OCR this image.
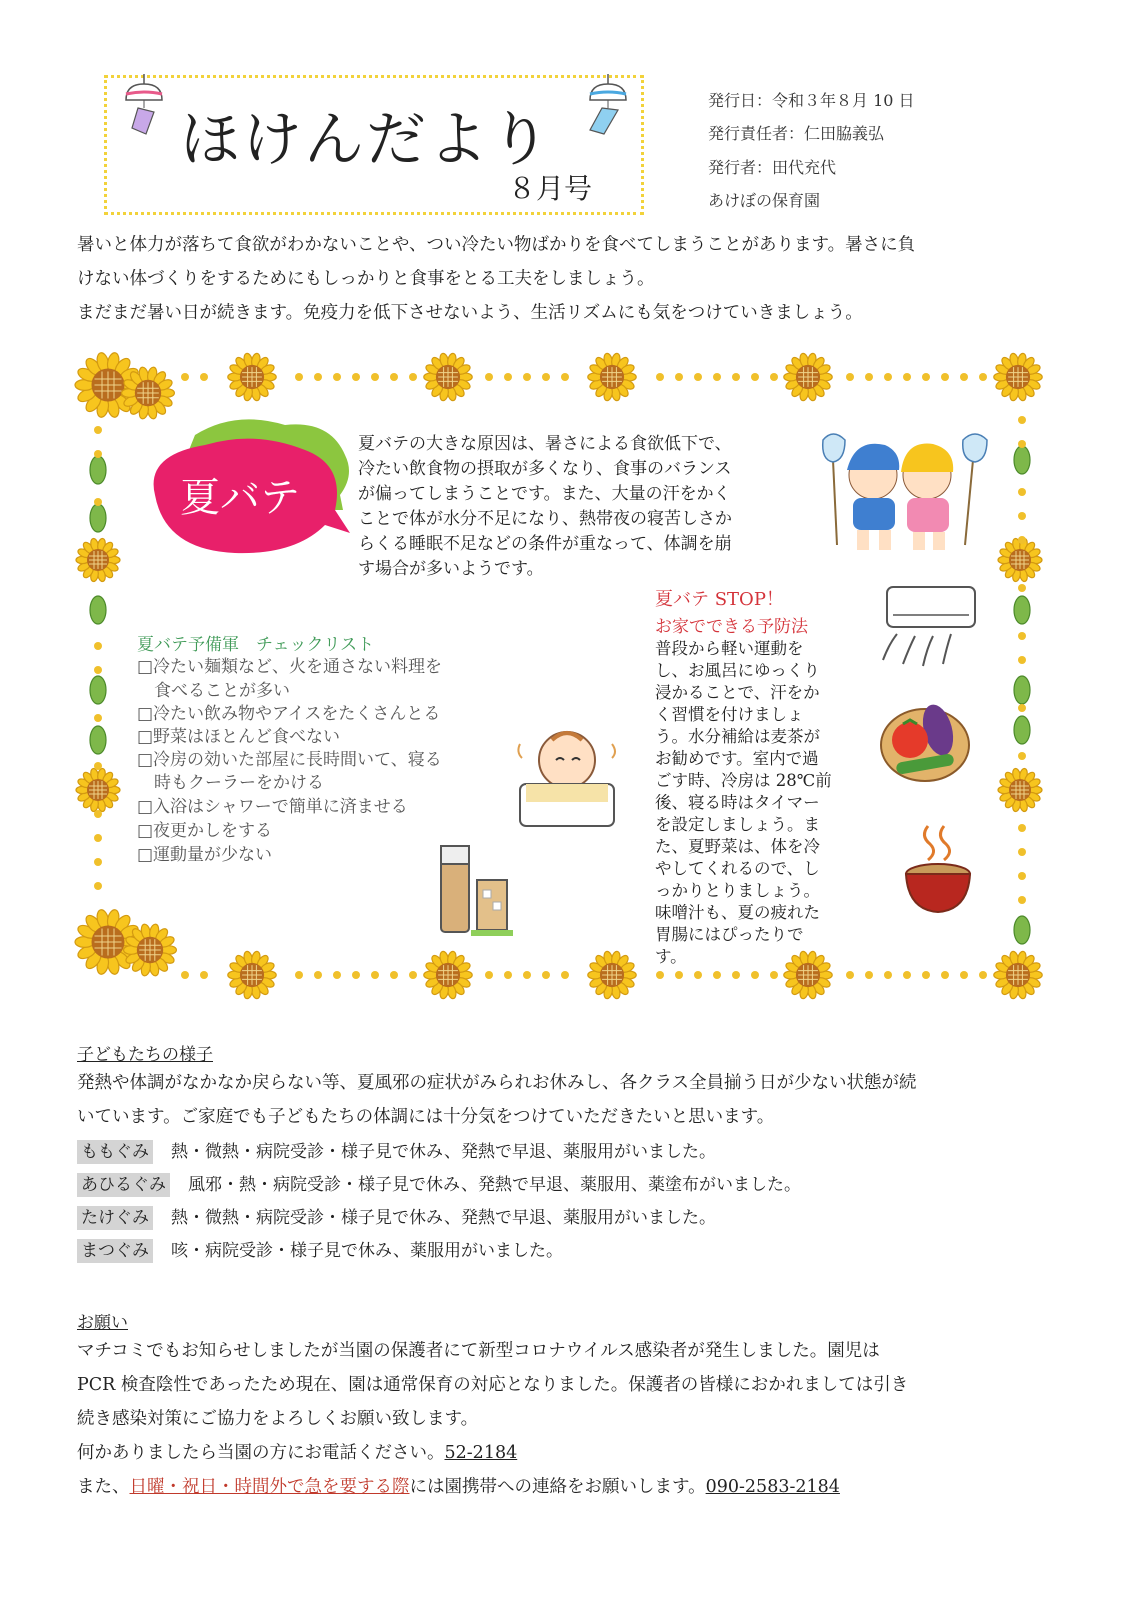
ほけんだより
８月号
発行日：令和３年８月 10 日
発行責任者：仁田脇義弘
発行者：田代充代
あけぼの保育園
暑いと体力が落ちて食欲がわかないことや、つい冷たい物ばかりを食べてしまうことがあります。暑さに負
けない体づくりをするためにもしっかりと食事をとる工夫をしましょう。
まだまだ暑い日が続きます。免疫力を低下させないよう、生活リズムにも気をつけていきましょう。
夏バテ
夏バテの大きな原因は、暑さによる食欲低下で、
冷たい飲食物の摂取が多くなり、食事のバランス
が偏ってしまうことです。また、大量の汗をかく
ことで体が水分不足になり、熱帯夜の寝苦しさか
らくる睡眠不足などの条件が重なって、体調を崩
す場合が多いようです。
夏バテ STOP！
お家でできる予防法
普段から軽い運動を
し、お風呂にゆっくり
浸かることで、汗をか
く習慣を付けましょ
う。水分補給は麦茶が
お勧めです。室内で過
ごす時、冷房は 28℃前
後、寝る時はタイマー
を設定しましょう。ま
た、夏野菜は、体を冷
やしてくれるので、し
っかりとりましょう。
味噌汁も、夏の疲れた
胃腸にはぴったりで
す。
夏バテ予備軍　チェックリスト
□冷たい麺類など、火を通さない料理を
　食べることが多い
□冷たい飲み物やアイスをたくさんとる
□野菜はほとんど食べない
□冷房の効いた部屋に長時間いて、寝る
　時もクーラーをかける
□入浴はシャワーで簡単に済ませる
□夜更かしをする
□運動量が少ない
子どもたちの様子
発熱や体調がなかなか戻らない等、夏風邪の症状がみられお休みし、各クラス全員揃う日が少ない状態が続
いています。ご家庭でも子どもたちの体調には十分気をつけていただきたいと思います。
ももぐみ 熱・微熱・病院受診・様子見で休み、発熱で早退、薬服用がいました。
あひるぐみ 風邪・熱・病院受診・様子見で休み、発熱で早退、薬服用、薬塗布がいました。
たけぐみ 熱・微熱・病院受診・様子見で休み、発熱で早退、薬服用がいました。
まつぐみ 咳・病院受診・様子見で休み、薬服用がいました。
お願い
マチコミでもお知らせしましたが当園の保護者にて新型コロナウイルス感染者が発生しました。園児は
PCR 検査陰性であったため現在、園は通常保育の対応となりました。保護者の皆様におかれましては引き
続き感染対策にご協力をよろしくお願い致します。
何かありましたら当園の方にお電話ください。52-2184
また、日曜・祝日・時間外で急を要する際には園携帯への連絡をお願いします。090-2583-2184
